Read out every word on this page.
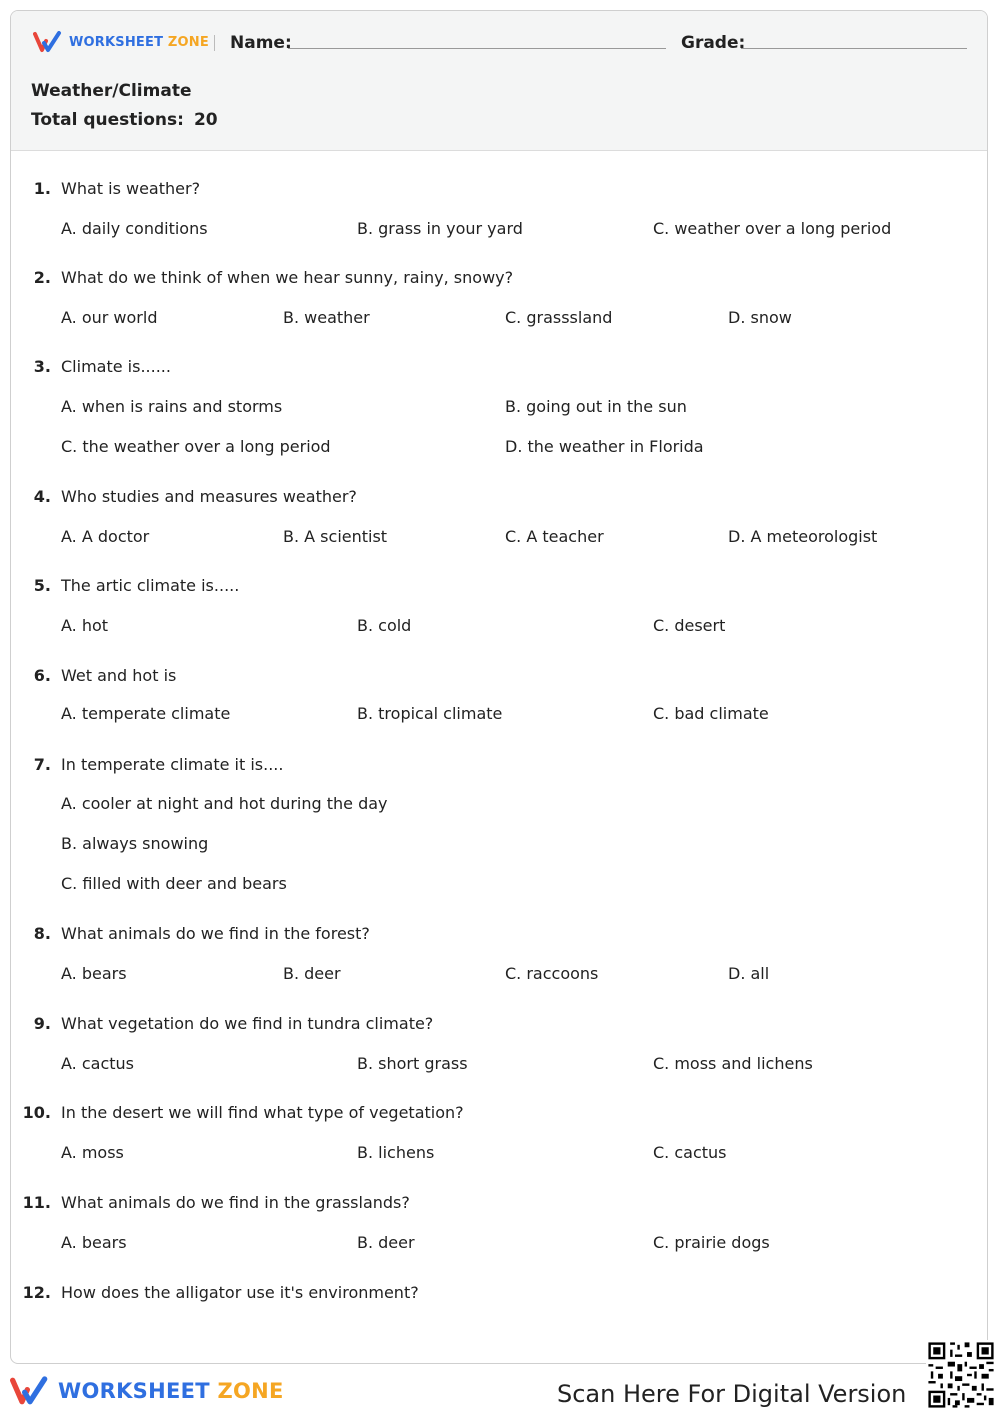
WORKSHEET ZONE Name:	Grade:
Weather/Climate
Total questions: 20
1. What is weather?
A. daily conditions	B. grass in your yard	C. weather over a long period
2. What do we think of when we hear sunny, rainy, snowy?
A. our world	B. weather	C. grasssland	D. snow
3. Climate is......
A. when is rains and storms	B. going out in the sun
C. the weather over a long period	D. the weather in Florida
4. Who studies and measures weather?
A. A doctor	B. A scientist	C. A teacher	D. A meteorologist
5. The artic climate is.....
A. hot	B. cold	C. desert
6. Wet and hot is
A. temperate climate	B. tropical climate	C. bad climate
7. In temperate climate it is....
A. cooler at night and hot during the day
B. always snowing
C. filled with deer and bears
8. What animals do we find in the forest?
A. bears	B. deer	C. raccoons	D. all
9. What vegetation do we find in tundra climate?
A. cactus	B. short grass	C. moss and lichens
10. In the desert we will find what type of vegetation?
A. moss	B. lichens	C. cactus
11. What animals do we find in the grasslands?
A. bears	B. deer	C. prairie dogs
12. How does the alligator use it's environment?
WORKSHEET ZONE	Scan Here For Digital Version
